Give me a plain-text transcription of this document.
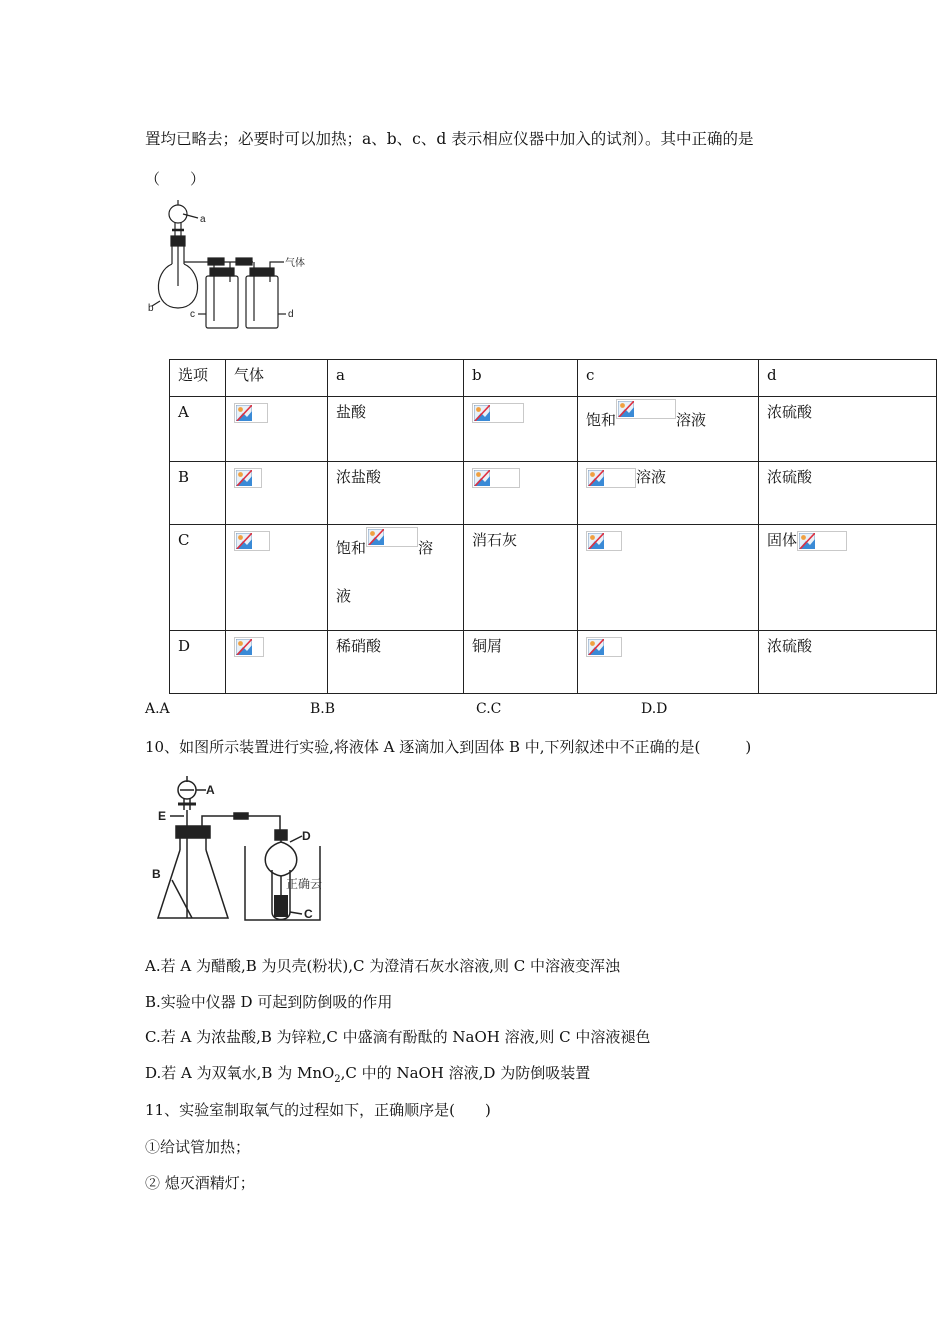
置均已略去；必要时可以加热；a、b、c、d 表示相应仪器中加入的试剂）。其中正确的是
（　　）
a
b
c	d
气体
选项	气体	a	b	c	d
A		盐酸		饱和 溶液	浓硫酸
B		浓盐酸		溶液	浓硫酸
C		饱和 溶
液	消石灰		固体

D		稀硝酸	铜屑		浓硫酸
A.A	B.B	C.C	D.D
10、如图所示装置进行实验,将液体 A 逐滴加入到固体 B 中,下列叙述中不正确的是(　　　)
A
E
B
C
D
正确云
A.若 A 为醋酸,B 为贝壳(粉状),C 为澄清石灰水溶液,则 C 中溶液变浑浊
B.实验中仪器 D 可起到防倒吸的作用
C.若 A 为浓盐酸,B 为锌粒,C 中盛滴有酚酞的 NaOH 溶液,则 C 中溶液褪色
D.若 A 为双氧水,B 为 MnO$_2$,C 中的 NaOH 溶液,D 为防倒吸装置
11、实验室制取氧气的过程如下，正确顺序是(　　)
①给试管加热；
② 熄灭酒精灯；
